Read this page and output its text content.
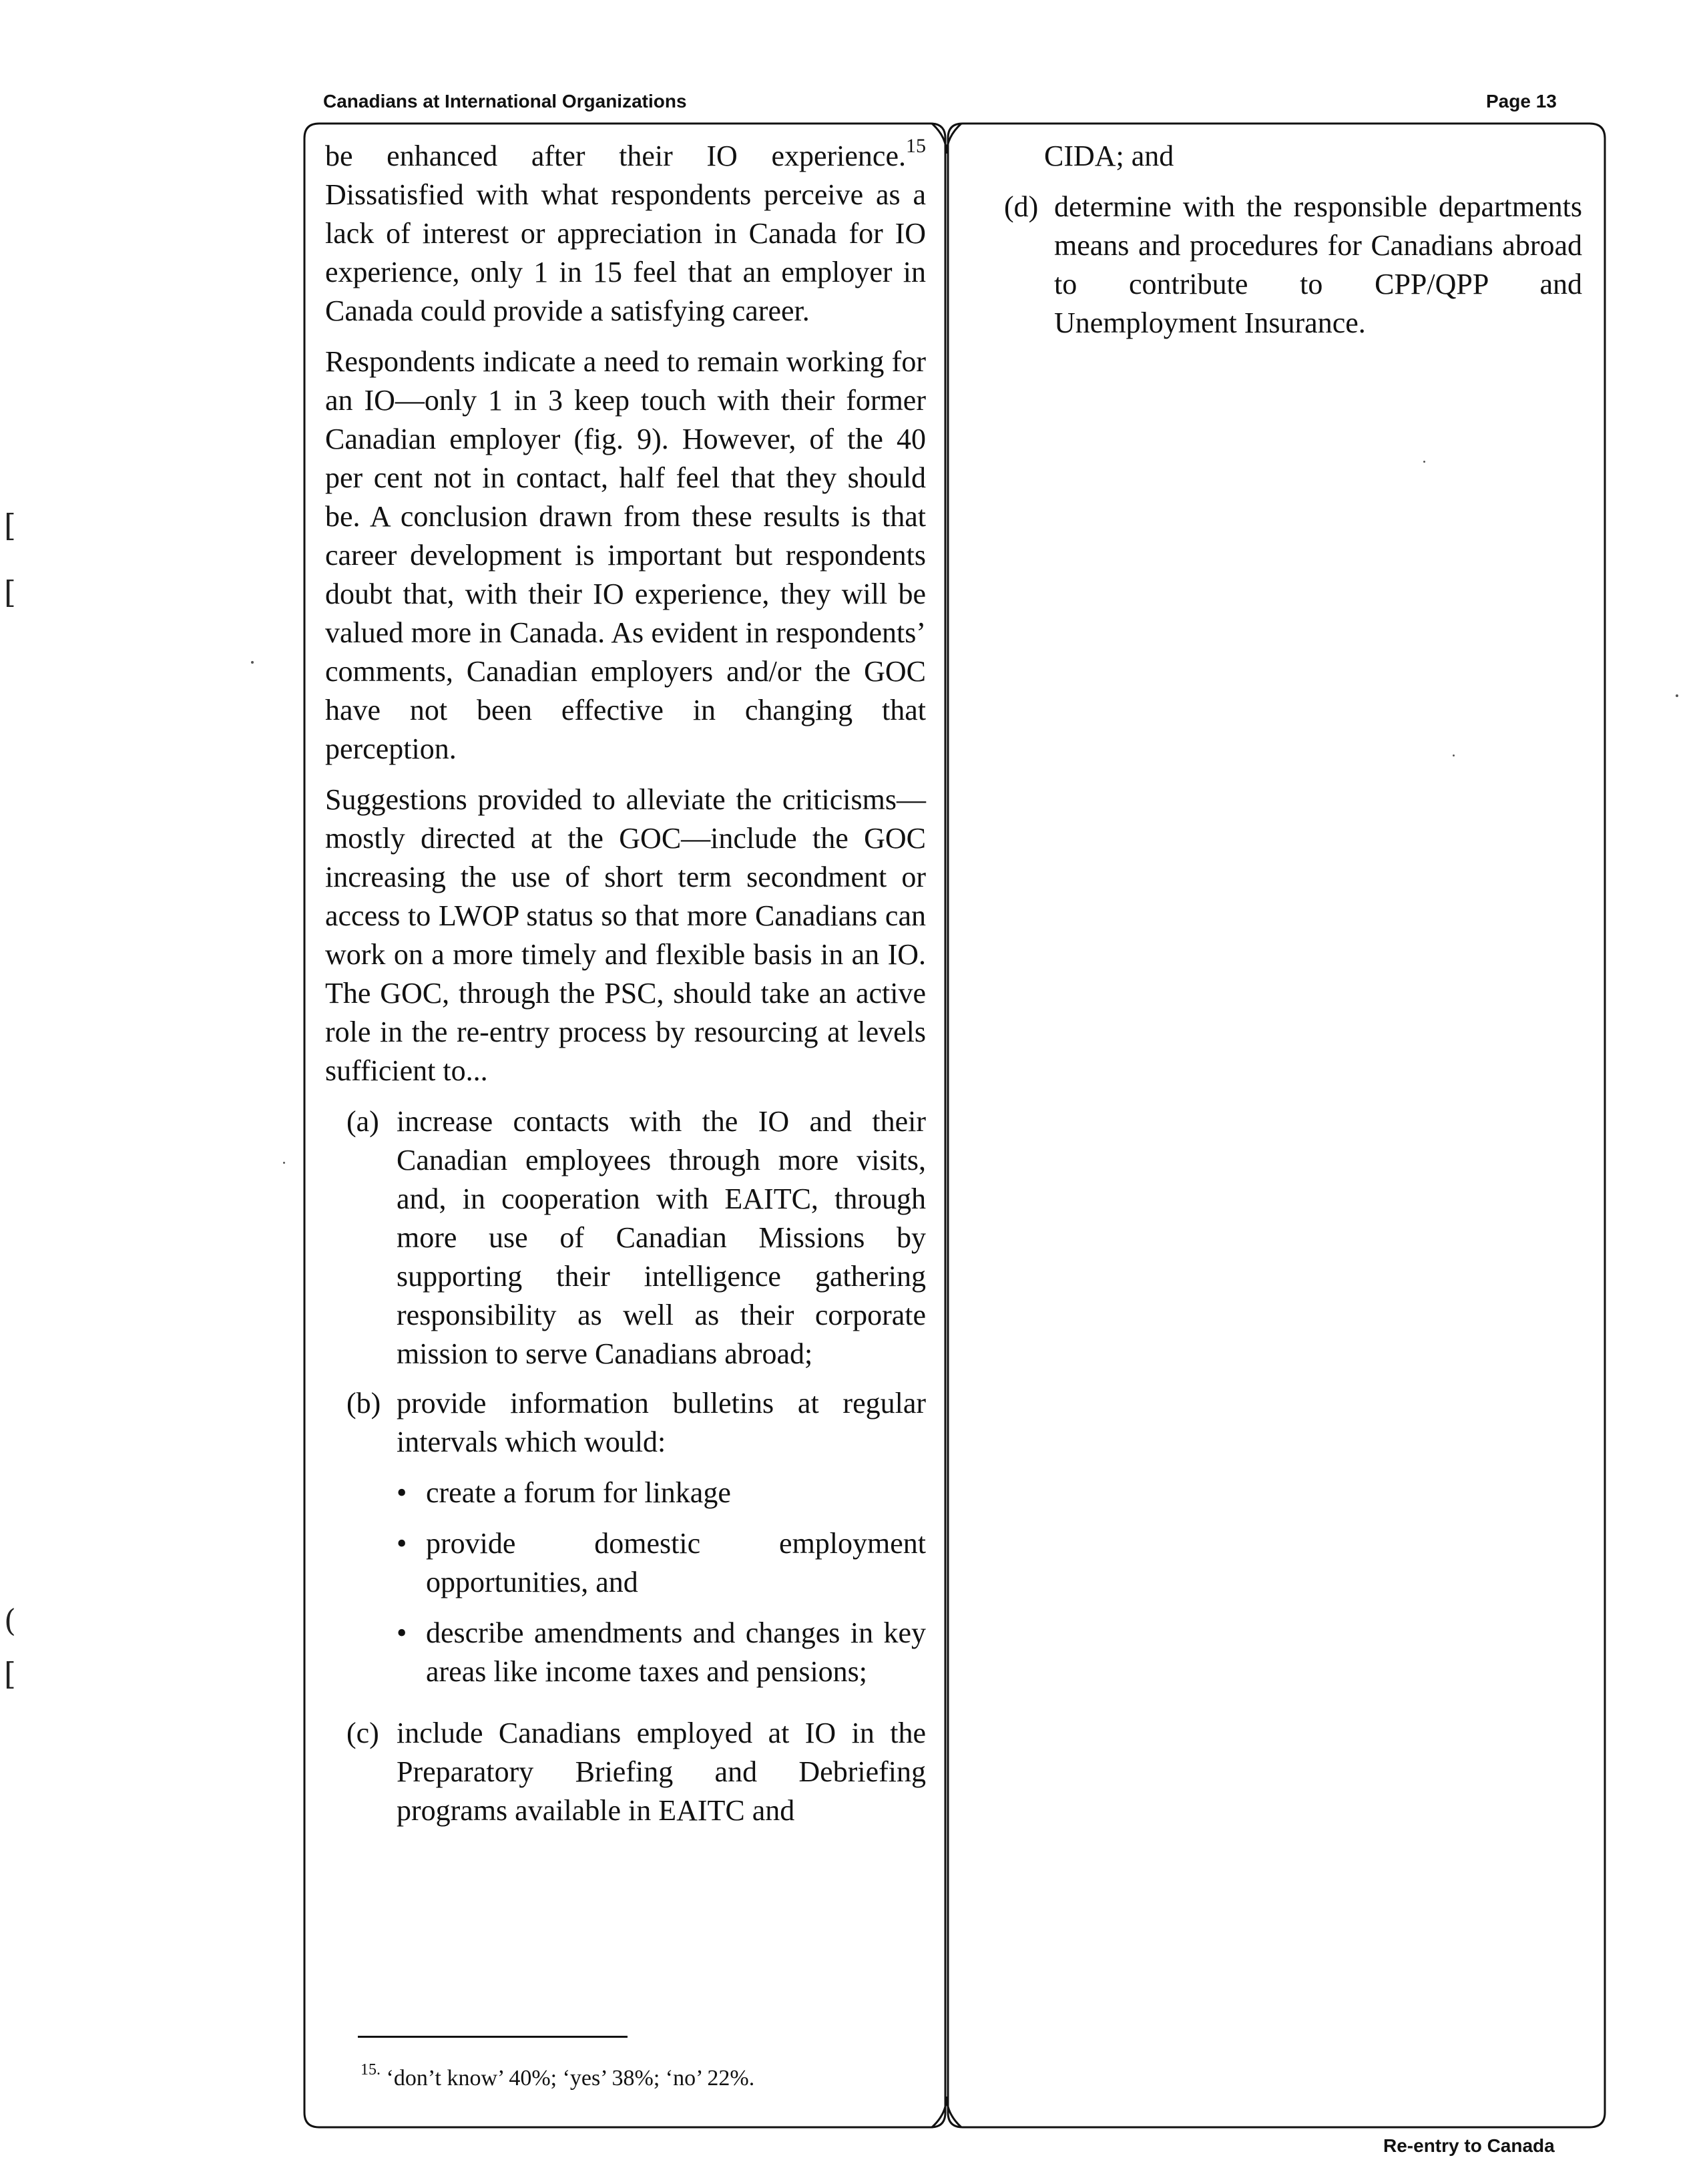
Canadians at International Organizations	Page 13

be enhanced after their IO experience.$^{15}$ Dissatisfied with what respondents perceive as a lack of interest or appreciation in Canada for IO experience, only 1 in 15 feel that an employer in Canada could provide a satisfying career.

Respondents indicate a need to remain working for an IO—only 1 in 3 keep touch with their former Canadian employer (fig. 9). However, of the 40 per cent not in contact, half feel that they should be. A conclusion drawn from these results is that career development is important but respondents doubt that, with their IO experience, they will be valued more in Canada. As evident in respondents’ comments, Canadian employers and/or the GOC have not been effective in changing that perception.

Suggestions provided to alleviate the criticisms—mostly directed at the GOC—include the GOC increasing the use of short term secondment or access to LWOP status so that more Canadians can work on a more timely and flexible basis in an IO. The GOC, through the PSC, should take an active role in the re-entry process by resourcing at levels sufficient to...

(a) increase contacts with the IO and their Canadian employees through more visits, and, in cooperation with EAITC, through more use of Canadian Missions by supporting their intelligence gathering responsibility as well as their corporate mission to serve Canadians abroad;
(b) provide information bulletins at regular intervals which would:
• create a forum for linkage
• provide domestic employment opportunities, and
• describe amendments and changes in key areas like income taxes and pensions;
(c) include Canadians employed at IO in the Preparatory Briefing and Debriefing programs available in EAITC and
$^{15.}$ ‘don’t know’ 40%; ‘yes’ 38%; ‘no’ 22%.

CIDA; and

(d) determine with the responsible departments means and procedures for Canadians abroad to contribute to CPP/QPP and Unemployment Insurance.
Re-entry to Canada
[
[
(
[
